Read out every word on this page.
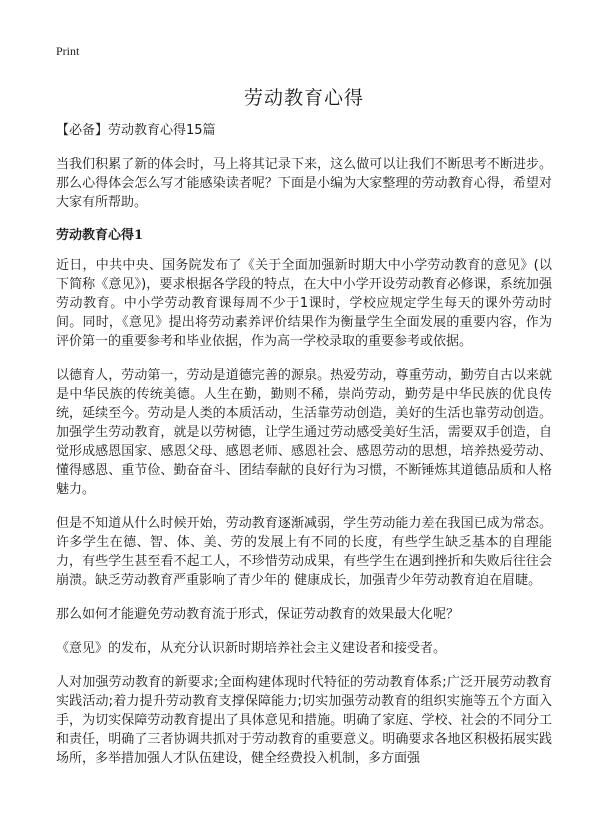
Print
劳动教育心得
【必备】劳动教育心得15篇

当我们积累了新的体会时，马上将其记录下来，这么做可以让我们不断思考不断进步。那么心得体会怎么写才能感染读者呢？下面是小编为大家整理的劳动教育心得，希望对大家有所帮助。

劳动教育心得1

近日，中共中央、国务院发布了《关于全面加强新时期大中小学劳动教育的意见》(以下简称《意见》)，要求根据各学段的特点，在大中小学开设劳动教育必修课，系统加强劳动教育。中小学劳动教育课每周不少于1课时，学校应规定学生每天的课外劳动时间。同时，《意见》提出将劳动素养评价结果作为衡量学生全面发展的重要内容，作为评价第一的重要参考和毕业依据，作为高一学校录取的重要参考或依据。

以德育人，劳动第一，劳动是道德完善的源泉。热爱劳动，尊重劳动，勤劳自古以来就是中华民族的传统美德。人生在勤，勤则不稀，崇尚劳动，勤劳是中华民族的优良传统，延续至今。劳动是人类的本质活动，生活靠劳动创造，美好的生活也靠劳动创造。加强学生劳动教育，就是以劳树德，让学生通过劳动感受美好生活，需要双手创造，自觉形成感恩国家、感恩父母、感恩老师、感恩社会、感恩劳动的思想，培养热爱劳动、懂得感恩、重节俭、勤奋奋斗、团结奉献的良好行为习惯，不断锤炼其道德品质和人格魅力。

但是不知道从什么时候开始，劳动教育逐渐减弱，学生劳动能力差在我国已成为常态。许多学生在德、智、体、美、劳的发展上有不同的长度，有些学生缺乏基本的自理能力，有些学生甚至看不起工人，不珍惜劳动成果，有些学生在遇到挫折和失败后往往会崩溃。缺乏劳动教育严重影响了青少年的 健康成长，加强青少年劳动教育迫在眉睫。

那么如何才能避免劳动教育流于形式，保证劳动教育的效果最大化呢？

《意见》的发布，从充分认识新时期培养社会主义建设者和接受者。

人对加强劳动教育的新要求;全面构建体现时代特征的劳动教育体系;广泛开展劳动教育实践活动;着力提升劳动教育支撑保障能力;切实加强劳动教育的组织实施等五个方面入手，为切实保障劳动教育提出了具体意见和措施。明确了家庭、学校、社会的不同分工和责任，明确了三者协调共抓对于劳动教育的重要意义。明确要求各地区积极拓展实践场所，多举措加强人才队伍建设，健全经费投入机制，多方面强
